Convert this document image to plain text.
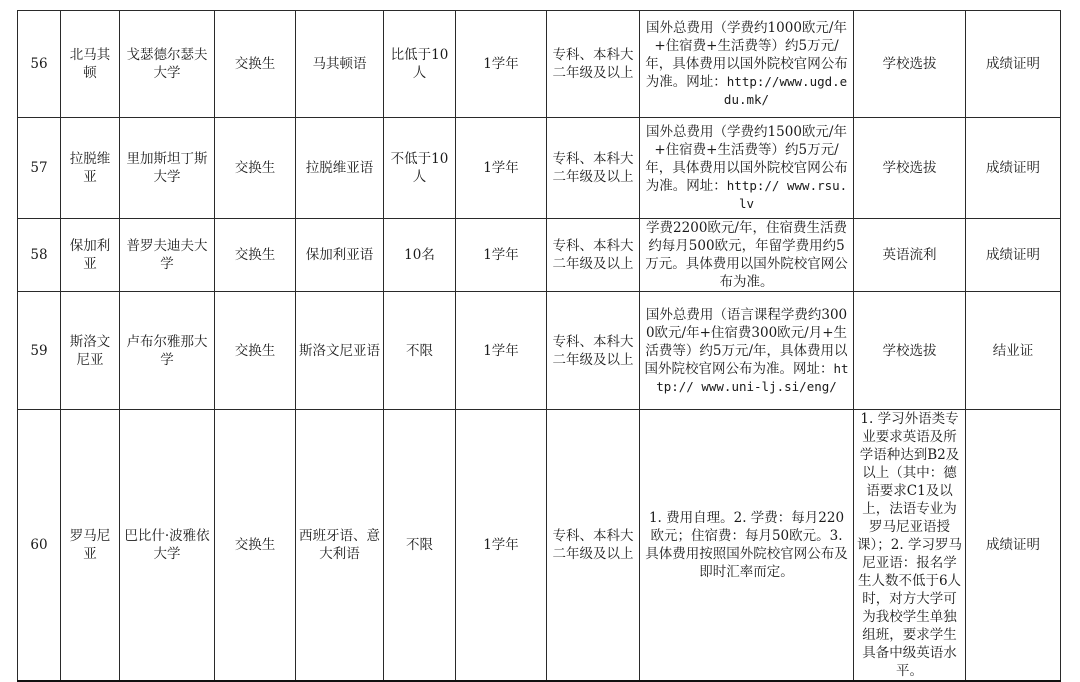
56	北马其顿	戈瑟德尔瑟夫大学	交换生	马其顿语	比低于10人	1学年	专科、本科大二年级及以上	国外总费用（学费约1000欧元/年+住宿费+生活费等）约5万元/年，具体费用以国外院校官网公布为准。网址：http://www.ugd.edu.mk/	学校选拔	成绩证明
57	拉脱维亚	里加斯坦丁斯大学	交换生	拉脱维亚语	不低于10人	1学年	专科、本科大二年级及以上	国外总费用（学费约1500欧元/年+住宿费+生活费等）约5万元/年，具体费用以国外院校官网公布为准。网址：http:// www.rsu.lv	学校选拔	成绩证明
58	保加利亚	普罗夫迪夫大学	交换生	保加利亚语	10名	1学年	专科、本科大二年级及以上	学费2200欧元/年，住宿费生活费约每月500欧元，年留学费用约5万元。具体费用以国外院校官网公布为准。	英语流利	成绩证明
59	斯洛文尼亚	卢布尔雅那大学	交换生	斯洛文尼亚语	不限	1学年	专科、本科大二年级及以上	国外总费用（语言课程学费约3000欧元/年+住宿费300欧元/月+生活费等）约5万元/年，具体费用以国外院校官网公布为准。网址：http:// www.uni-lj.si/eng/	学校选拔	结业证
60	罗马尼亚	巴比什·波雅依大学	交换生	西班牙语、意大利语	不限	1学年	专科、本科大二年级及以上	1. 费用自理。2. 学费：每月220欧元；住宿费：每月50欧元。3. 具体费用按照国外院校官网公布及即时汇率而定。	1. 学习外语类专业要求英语及所学语种达到B2及以上（其中：德语要求C1及以上，法语专业为罗马尼亚语授课）；2. 学习罗马尼亚语：报名学生人数不低于6人时，对方大学可为我校学生单独组班，要求学生具备中级英语水平。	成绩证明
